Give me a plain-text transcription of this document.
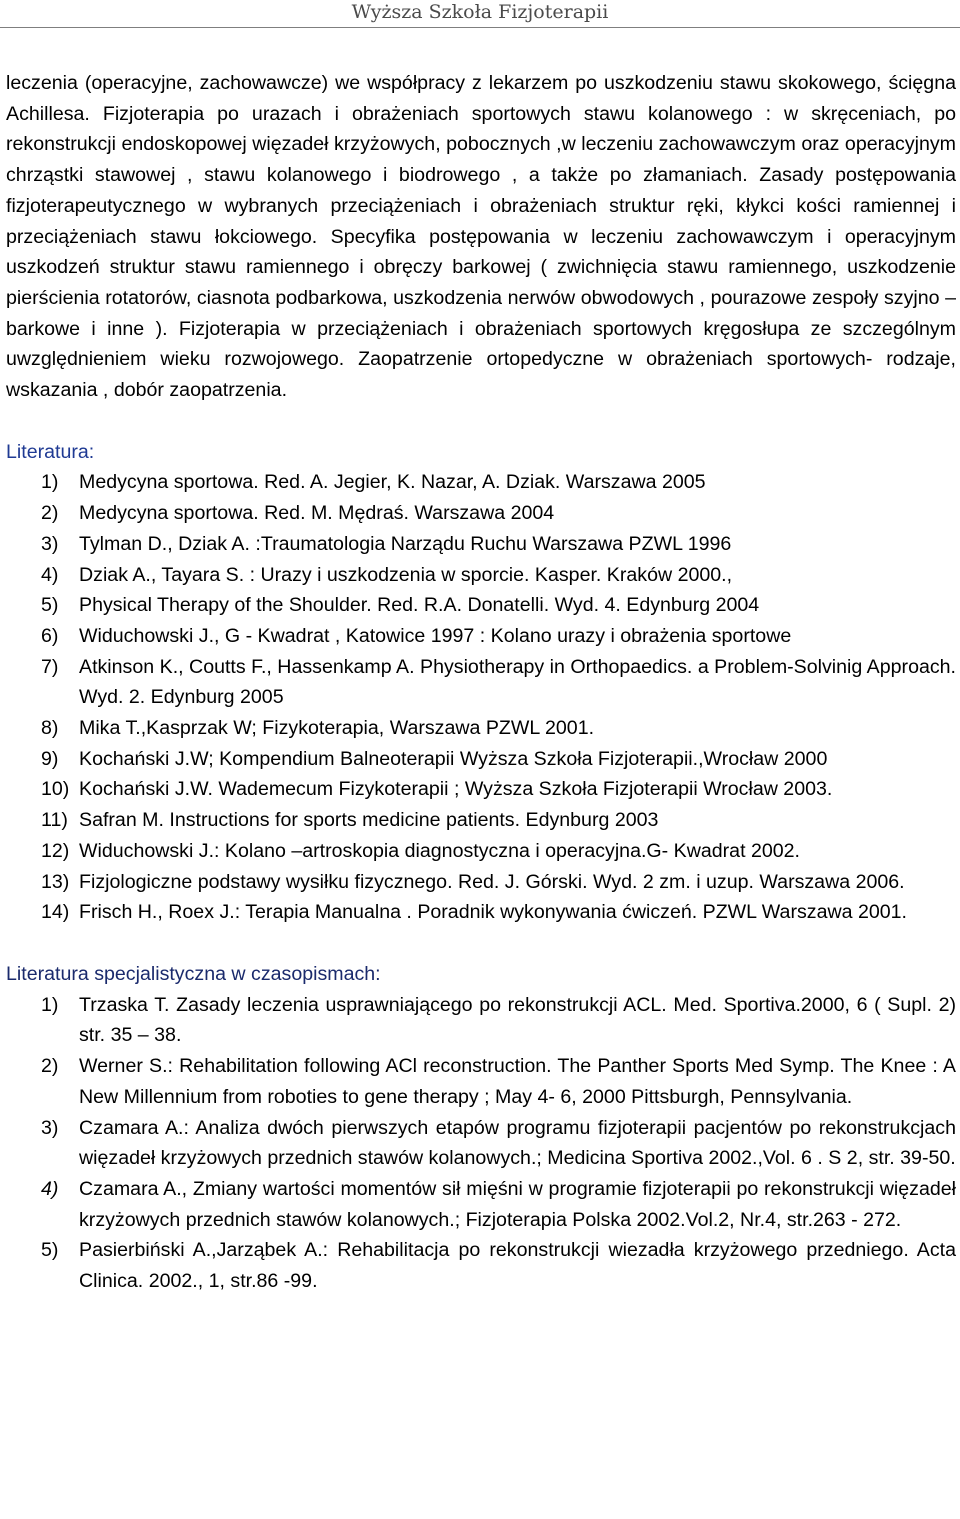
Wyższa Szkoła Fizjoterapii

leczenia (operacyjne, zachowawcze) we współpracy z lekarzem po uszkodzeniu stawu skokowego, ścięgna Achillesa. Fizjoterapia po urazach i obrażeniach sportowych stawu kolanowego : w skręceniach, po rekonstrukcji endoskopowej więzadeł krzyżowych, pobocznych ,w leczeniu zachowawczym oraz operacyjnym chrząstki stawowej , stawu kolanowego i biodrowego , a także po złamaniach. Zasady postępowania fizjoterapeutycznego w wybranych przeciążeniach i obrażeniach struktur ręki, kłykci kości ramiennej i przeciążeniach stawu łokciowego. Specyfika postępowania w leczeniu zachowawczym i operacyjnym uszkodzeń struktur stawu ramiennego i obręczy barkowej ( zwichnięcia stawu ramiennego, uszkodzenie pierścienia rotatorów, ciasnota podbarkowa, uszkodzenia nerwów obwodowych , pourazowe zespoły szyjno – barkowe i inne ). Fizjoterapia w przeciążeniach i obrażeniach sportowych kręgosłupa ze szczególnym uwzględnieniem wieku rozwojowego. Zaopatrzenie ortopedyczne w obrażeniach sportowych- rodzaje, wskazania , dobór zaopatrzenia.

Literatura:

1)	Medycyna sportowa. Red. A. Jegier, K. Nazar, A. Dziak. Warszawa 2005
2)	Medycyna sportowa. Red. M. Mędraś. Warszawa 2004
3)	Tylman D., Dziak A. :Traumatologia Narządu Ruchu Warszawa PZWL 1996
4)	Dziak A., Tayara S. : Urazy i uszkodzenia w sporcie. Kasper. Kraków 2000.,
5)	Physical Therapy of the Shoulder. Red. R.A. Donatelli. Wyd. 4. Edynburg 2004
6)	Widuchowski J., G - Kwadrat , Katowice 1997 : Kolano urazy i obrażenia sportowe
7)	Atkinson K., Coutts F., Hassenkamp A. Physiotherapy in Orthopaedics. a Problem-Solvinig Approach. Wyd. 2. Edynburg 2005
8)	Mika T.,Kasprzak W; Fizykoterapia, Warszawa PZWL 2001.
9)	Kochański J.W; Kompendium Balneoterapii Wyższa Szkoła Fizjoterapii.,Wrocław 2000
10) Kochański J.W. Wademecum Fizykoterapii ; Wyższa Szkoła Fizjoterapii Wrocław 2003.
11) Safran M. Instructions for sports medicine patients. Edynburg 2003
12) Widuchowski J.: Kolano –artroskopia diagnostyczna i operacyjna.G- Kwadrat 2002.
13) Fizjologiczne podstawy wysiłku fizycznego. Red. J. Górski. Wyd. 2 zm. i uzup. Warszawa 2006.
14) Frisch H., Roex J.: Terapia Manualna . Poradnik wykonywania ćwiczeń. PZWL Warszawa 2001.

Literatura specjalistyczna w czasopismach:

1)	Trzaska T. Zasady leczenia usprawniającego po rekonstrukcji ACL. Med. Sportiva.2000, 6 ( Supl. 2) str. 35 – 38.
2)	Werner S.: Rehabilitation following ACl reconstruction. The Panther Sports Med Symp. The Knee : A New Millennium from roboties to gene therapy ; May 4- 6, 2000 Pittsburgh, Pennsylvania.
3)	Czamara A.: Analiza dwóch pierwszych etapów programu fizjoterapii pacjentów po rekonstrukcjach więzadeł krzyżowych przednich stawów kolanowych.; Medicina Sportiva 2002.,Vol. 6 . S 2, str. 39-50.
4)	Czamara A., Zmiany wartości momentów sił mięśni w programie fizjoterapii po rekonstrukcji więzadeł krzyżowych przednich stawów kolanowych.; Fizjoterapia Polska 2002.Vol.2, Nr.4, str.263 - 272.
5)	Pasierbiński A.,Jarząbek A.: Rehabilitacja po rekonstrukcji wiezadła krzyżowego przedniego. Acta Clinica. 2002., 1, str.86 -99.
